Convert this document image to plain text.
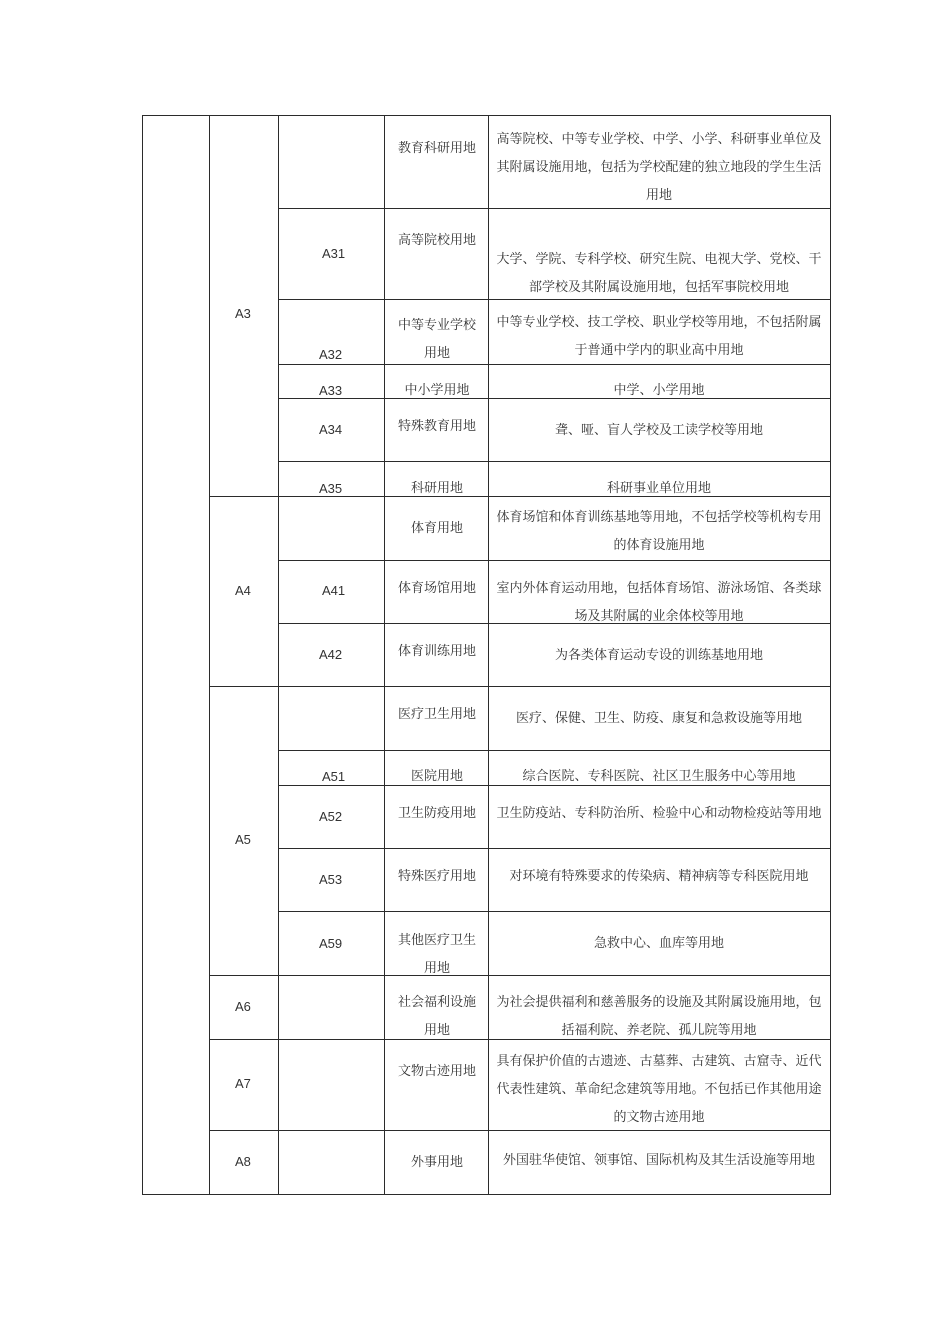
A3
A4
A5
A6
A7
A8
A31
A32
A33
A34
A35
A41
A42
A51
A52
A53
A59
教育科研用地
高等院校用地
中等专业学校用地
中小学用地
特殊教育用地
科研用地
体育用地
体育场馆用地
体育训练用地
医疗卫生用地
医院用地
卫生防疫用地
特殊医疗用地
其他医疗卫生用地
社会福利设施用地
文物古迹用地
外事用地
高等院校、中等专业学校、中学、小学、科研事业单位及其附属设施用地，包括为学校配建的独立地段的学生生活用地
大学、学院、专科学校、研究生院、电视大学、党校、干部学校及其附属设施用地，包括军事院校用地
中等专业学校、技工学校、职业学校等用地，不包括附属于普通中学内的职业高中用地
中学、小学用地
聋、哑、盲人学校及工读学校等用地
科研事业单位用地
体育场馆和体育训练基地等用地，不包括学校等机构专用的体育设施用地
室内外体育运动用地，包括体育场馆、游泳场馆、各类球场及其附属的业余体校等用地
为各类体育运动专设的训练基地用地
医疗、保健、卫生、防疫、康复和急救设施等用地
综合医院、专科医院、社区卫生服务中心等用地
卫生防疫站、专科防治所、检验中心和动物检疫站等用地
对环境有特殊要求的传染病、精神病等专科医院用地
急救中心、血库等用地
为社会提供福利和慈善服务的设施及其附属设施用地，包括福利院、养老院、孤儿院等用地
具有保护价值的古遗迹、古墓葬、古建筑、古窟寺、近代代表性建筑、革命纪念建筑等用地。不包括已作其他用途的文物古迹用地
外国驻华使馆、领事馆、国际机构及其生活设施等用地
